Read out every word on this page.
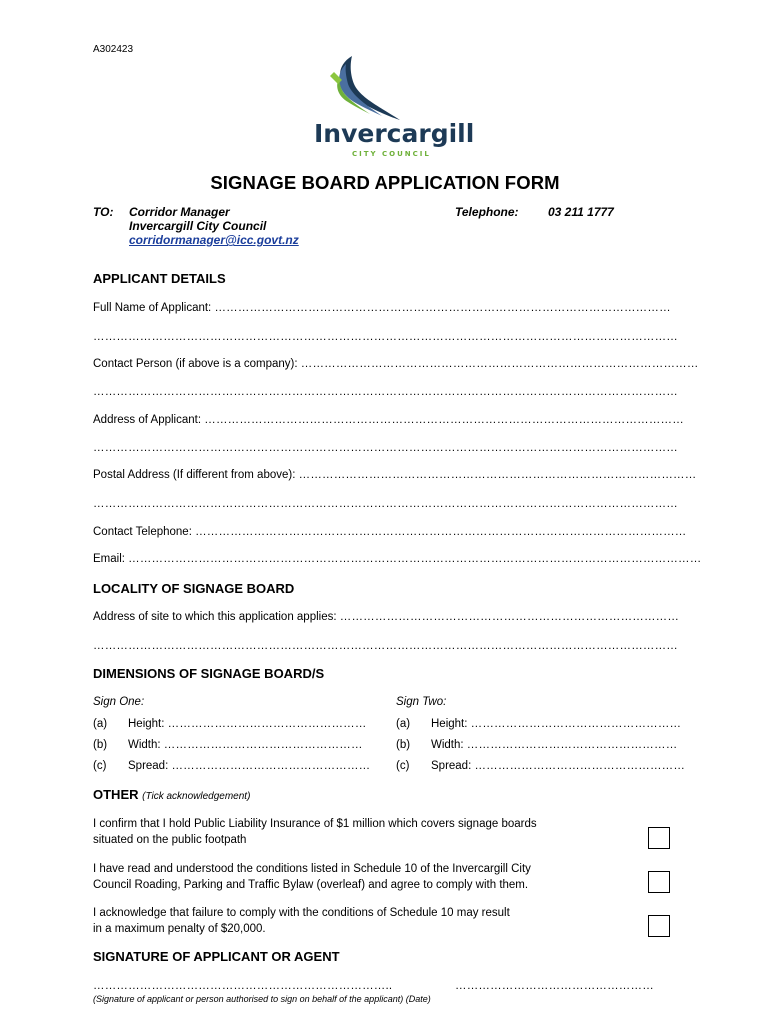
A302423
Invercargill
CITY COUNCIL
SIGNAGE BOARD APPLICATION FORM
TO: Corridor Manager
Invercargill City Council
corridormanager@icc.govt.nz
Telephone: 03 211 1777
APPLICANT DETAILS
Full Name of Applicant: ………………………………………………………………………………………………………
……………………………………………………………………………………………………………………………………
Contact Person (if above is a company): …………………………………………………………………………………………
……………………………………………………………………………………………………………………………………
Address of Applicant: ……………………………………………………………………………………………………………
……………………………………………………………………………………………………………………………………
Postal Address (If different from above): …………………………………………………………………………………………
……………………………………………………………………………………………………………………………………
Contact Telephone: ………………………………………………………………………………………………………………
Email: …………………………………………………………………………………………………………………………………
LOCALITY OF SIGNAGE BOARD
Address of site to which this application applies: ……………………………………………………………………………
……………………………………………………………………………………………………………………………………
DIMENSIONS OF SIGNAGE BOARD/S
Sign One:	Sign Two:
(a) Height: ……………………………………………	(a) Height: ………………………………………………
(b) Width: ……………………………………………	(b) Width: ………………………………………………
(c) Spread: …………………………………………… (c) Spread: ………………………………………………
OTHER (Tick acknowledgement)
I confirm that I hold Public Liability Insurance of $1 million which covers signage boards
situated on the public footpath
I have read and understood the conditions listed in Schedule 10 of the Invercargill City
Council Roading, Parking and Traffic Bylaw (overleaf) and agree to comply with them.
I acknowledge that failure to comply with the conditions of Schedule 10 may result
in a maximum penalty of $20,000.
SIGNATURE OF APPLICANT OR AGENT
…………………………………………………………………..	……………………………………………
(Signature of applicant or person authorised to sign on behalf of the applicant) (Date)
